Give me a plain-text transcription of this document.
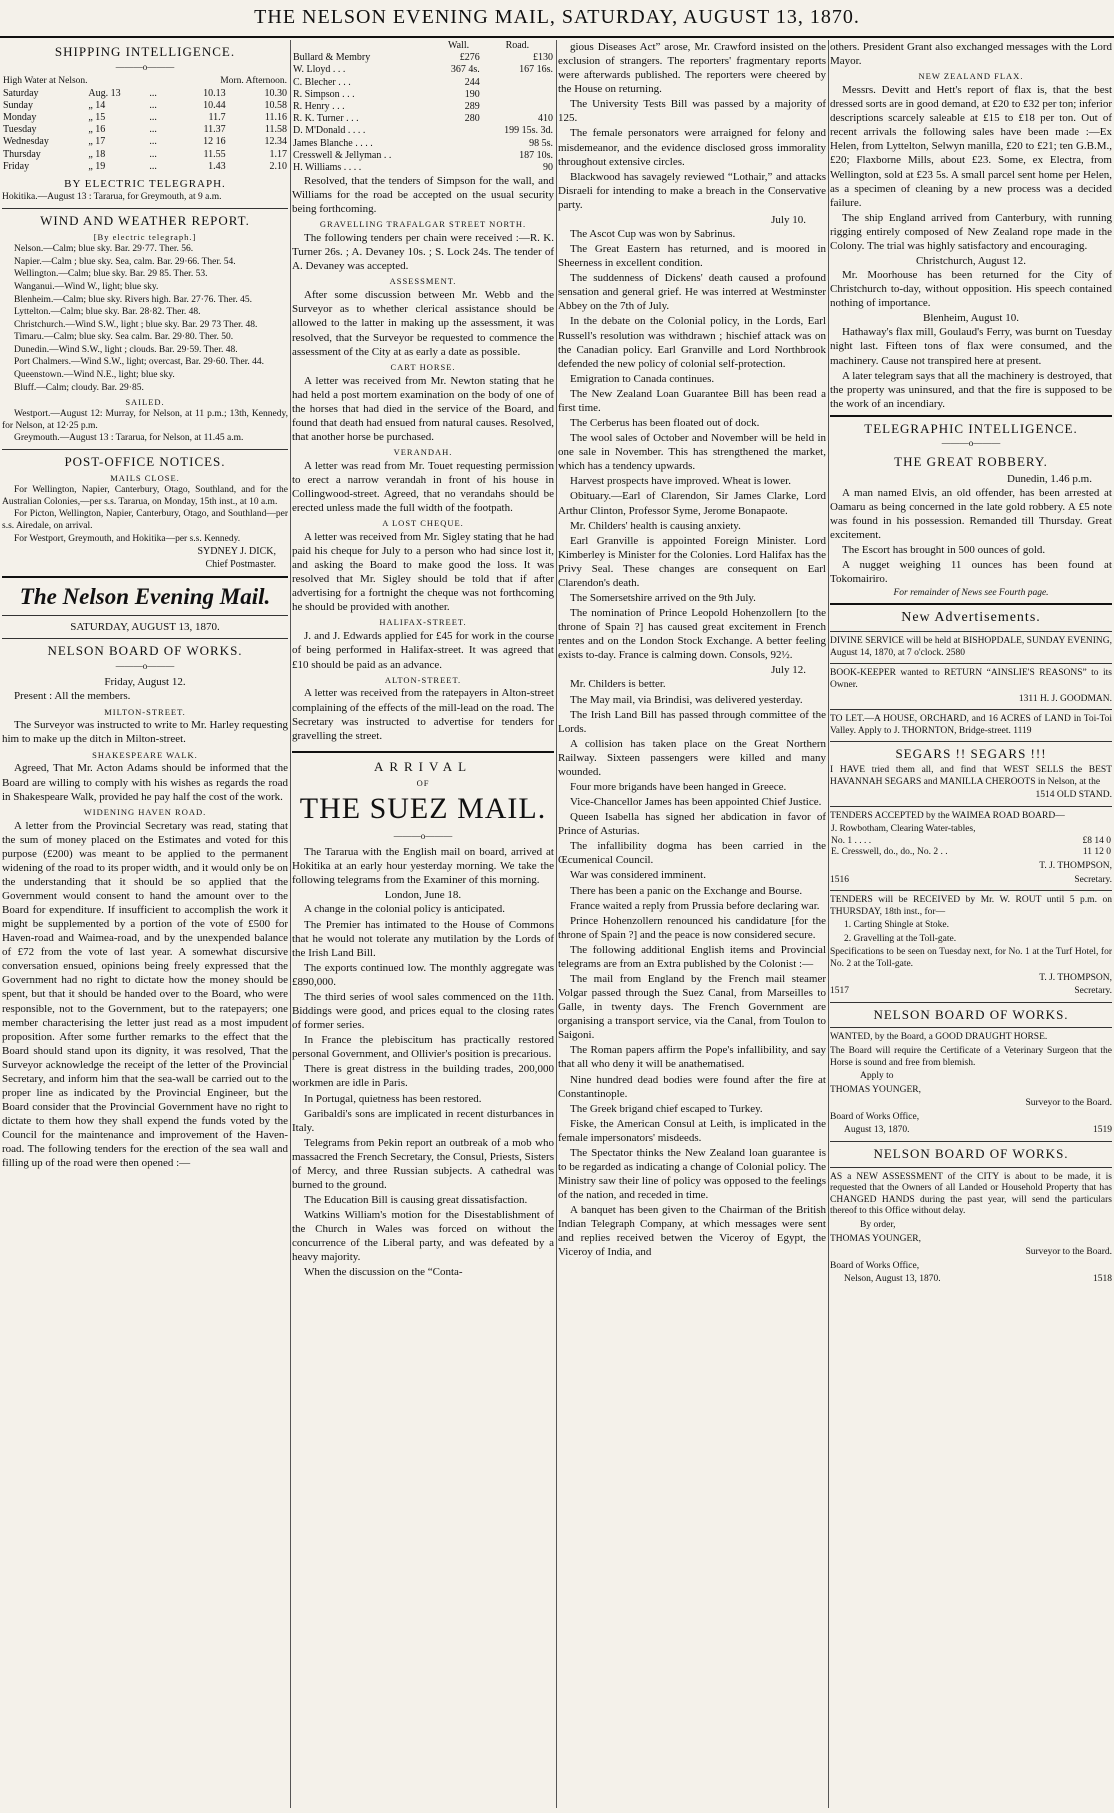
THE NELSON EVENING MAIL, SATURDAY, AUGUST 13, 1870.
SHIPPING INTELLIGENCE.
———o———
High Water at Nelson.			Morn. Afternoon.	
Saturday	Aug. 13	...	10.13	10.30
Sunday	„ 14	...	10.44	10.58
Monday	„ 15	...	11.7	11.16
Tuesday	„ 16	...	11.37	11.58
Wednesday	„ 17	...	12 16	12.34
Thursday	„ 18	...	11.55	1.17
Friday	„ 19	...	1.43	2.10
BY ELECTRIC TELEGRAPH.

Hokitika.—August 13 : Tararua, for Greymouth, at 9 a.m.

WIND AND WEATHER REPORT.
[By electric telegraph.]

Nelson.—Calm; blue sky. Bar. 29·77. Ther. 56.

Napier.—Calm ; blue sky. Sea, calm. Bar. 29·66. Ther. 54.

Wellington.—Calm; blue sky. Bar. 29 85. Ther. 53.

Wanganui.—Wind W., light; blue sky.

Blenheim.—Calm; blue sky. Rivers high. Bar. 27·76. Ther. 45.

Lyttelton.—Calm; blue sky. Bar. 28·82. Ther. 48.

Christchurch.—Wind S.W., light ; blue sky. Bar. 29 73 Ther. 48.

Timaru.—Calm; blue sky. Sea calm. Bar. 29·80. Ther. 50.

Dunedin.—Wind S.W., light ; clouds. Bar. 29·59. Ther. 48.

Port Chalmers.—Wind S.W., light; overcast, Bar. 29·60. Ther. 44.

Queenstown.—Wind N.E., light; blue sky.

Bluff.—Calm; cloudy. Bar. 29·85.

SAILED.

Westport.—August 12: Murray, for Nelson, at 11 p.m.; 13th, Kennedy, for Nelson, at 12·25 p.m.

Greymouth.—August 13 : Tararua, for Nelson, at 11.45 a.m.

POST-OFFICE NOTICES.
MAILS CLOSE.

For Wellington, Napier, Canterbury, Otago, Southland, and for the Australian Colonies,—per s.s. Tararua, on Monday, 15th inst., at 10 a.m.

For Picton, Wellington, Napier, Canterbury, Otago, and Southland—per s.s. Airedale, on arrival.

For Westport, Greymouth, and Hokitika—per s.s. Kennedy.

SYDNEY J. DICK,
Chief Postmaster.
The Nelson Evening Mail.
SATURDAY, AUGUST 13, 1870.
NELSON BOARD OF WORKS.
———o———
Friday, August 12.

Present : All the members.

MILTON-STREET.

The Surveyor was instructed to write to Mr. Harley requesting him to make up the ditch in Milton-street.

SHAKESPEARE WALK.

Agreed, That Mr. Acton Adams should be informed that the Board are willing to comply with his wishes as regards the road in Shakespeare Walk, provided he pay half the cost of the work.

WIDENING HAVEN ROAD.

A letter from the Provincial Secretary was read, stating that the sum of money placed on the Estimates and voted for this purpose (£200) was meant to be applied to the permanent widening of the road to its proper width, and it would only be on the understanding that it should be so applied that the Government would consent to hand the amount over to the Board for expenditure. If insufficient to accomplish the work it might be supplemented by a portion of the vote of £500 for Haven-road and Waimea-road, and by the unexpended balance of £72 from the vote of last year. A somewhat discursive conversation ensued, opinions being freely expressed that the Government had no right to dictate how the money should be spent, but that it should be handed over to the Board, who were responsible, not to the Government, but to the ratepayers; one member characterising the letter just read as a most impudent proposition. After some further remarks to the effect that the Board should stand upon its dignity, it was resolved, That the Surveyor acknowledge the receipt of the letter of the Provincial Secretary, and inform him that the sea-wall be carried out to the proper line as indicated by the Provincial Engineer, but the Board consider that the Provincial Government have no right to dictate to them how they shall expend the funds voted by the Council for the maintenance and improvement of the Haven-road. The following tenders for the erection of the sea wall and filling up of the road were then opened :—

	Wall.	Road.
Bullard & Membry	£276	£130
W. Lloyd . . .	367 4s.	167 16s.
C. Blecher . . .	244	
R. Simpson . . .	190	
R. Henry . . .	289	
R. K. Turner . . .	280	410
D. M'Donald . . . .		199 15s. 3d.
James Blanche . . . .		98 5s.
Cresswell & Jellyman . .		187 10s.
H. Williams . . . .		90

Resolved, that the tenders of Simpson for the wall, and Williams for the road be accepted on the usual security being forthcoming.

GRAVELLING TRAFALGAR STREET NORTH.

The following tenders per chain were received :—R. K. Turner 26s. ; A. Devaney 10s. ; S. Lock 24s. The tender of A. Devaney was accepted.

ASSESSMENT.

After some discussion between Mr. Webb and the Surveyor as to whether clerical assistance should be allowed to the latter in making up the assessment, it was resolved, that the Surveyor be requested to commence the assessment of the City at as early a date as possible.

CART HORSE.

A letter was received from Mr. Newton stating that he had held a post mortem examination on the body of one of the horses that had died in the service of the Board, and found that death had ensued from natural causes. Resolved, that another horse be purchased.

VERANDAH.

A letter was read from Mr. Touet requesting permission to erect a narrow verandah in front of his house in Collingwood-street. Agreed, that no verandahs should be erected unless made the full width of the footpath.

A LOST CHEQUE.

A letter was received from Mr. Sigley stating that he had paid his cheque for July to a person who had since lost it, and asking the Board to make good the loss. It was resolved that Mr. Sigley should be told that if after advertising for a fortnight the cheque was not forthcoming he should be provided with another.

HALIFAX-STREET.

J. and J. Edwards applied for £45 for work in the course of being performed in Halifax-street. It was agreed that £10 should be paid as an advance.

ALTON-STREET.

A letter was received from the ratepayers in Alton-street complaining of the effects of the mill-lead on the road. The Secretary was instructed to advertise for tenders for gravelling the street.

ARRIVAL
OF
THE SUEZ MAIL.
———o———

The Tararua with the English mail on board, arrived at Hokitika at an early hour yesterday morning. We take the following telegrams from the Examiner of this morning.

London, June 18.

A change in the colonial policy is anticipated.

The Premier has intimated to the House of Commons that he would not tolerate any mutilation by the Lords of the Irish Land Bill.

The exports continued low. The monthly aggregate was £890,000.

The third series of wool sales commenced on the 11th. Biddings were good, and prices equal to the closing rates of former series.

In France the plebiscitum has practically restored personal Government, and Ollivier's position is precarious.

There is great distress in the building trades, 200,000 workmen are idle in Paris.

In Portugal, quietness has been restored.

Garibaldi's sons are implicated in recent disturbances in Italy.

Telegrams from Pekin report an outbreak of a mob who massacred the French Secretary, the Consul, Priests, Sisters of Mercy, and three Russian subjects. A cathedral was burned to the ground.

The Education Bill is causing great dissatisfaction.

Watkins William's motion for the Disestablishment of the Church in Wales was forced on without the concurrence of the Liberal party, and was defeated by a heavy majority.

When the discussion on the “Conta-

gious Diseases Act” arose, Mr. Crawford insisted on the exclusion of strangers. The reporters' fragmentary reports were afterwards published. The reporters were cheered by the House on returning.

The University Tests Bill was passed by a majority of 125.

The female personators were arraigned for felony and misdemeanor, and the evidence disclosed gross immorality throughout extensive circles.

Blackwood has savagely reviewed “Lothair,” and attacks Disraeli for intending to make a breach in the Conservative party.

July 10.

The Ascot Cup was won by Sabrinus.

The Great Eastern has returned, and is moored in Sheerness in excellent condition.

The suddenness of Dickens' death caused a profound sensation and general grief. He was interred at Westminster Abbey on the 7th of July.

In the debate on the Colonial policy, in the Lords, Earl Russell's resolution was withdrawn ; hischief attack was on the Canadian policy. Earl Granville and Lord Northbrook defended the new policy of colonial self-protection.

Emigration to Canada continues.

The New Zealand Loan Guarantee Bill has been read a first time.

The Cerberus has been floated out of dock.

The wool sales of October and November will be held in one sale in November. This has strengthened the market, which has a tendency upwards.

Harvest prospects have improved. Wheat is lower.

Obituary.—Earl of Clarendon, Sir James Clarke, Lord Arthur Clinton, Professor Syme, Jerome Bonapaote.

Mr. Childers' health is causing anxiety.

Earl Granville is appointed Foreign Minister. Lord Kimberley is Minister for the Colonies. Lord Halifax has the Privy Seal. These changes are consequent on Earl Clarendon's death.

The Somersetshire arrived on the 9th July.

The nomination of Prince Leopold Hohenzollern [to the throne of Spain ?] has caused great excitement in French rentes and on the London Stock Exchange. A better feeling exists to-day. France is calming down. Consols, 92½.

July 12.

Mr. Childers is better.

The May mail, via Brindisi, was delivered yesterday.

The Irish Land Bill has passed through committee of the Lords.

A collision has taken place on the Great Northern Railway. Sixteen passengers were killed and many wounded.

Four more brigands have been hanged in Greece.

Vice-Chancellor James has been appointed Chief Justice.

Queen Isabella has signed her abdication in favor of Prince of Asturias.

The infallibility dogma has been carried in the Œcumenical Council.

War was considered imminent.

There has been a panic on the Exchange and Bourse.

France waited a reply from Prussia before declaring war.

Prince Hohenzollern renounced his candidature [for the throne of Spain ?] and the peace is now considered secure.

The following additional English items and Provincial telegrams are from an Extra published by the Colonist :—

The mail from England by the French mail steamer Volgar passed through the Suez Canal, from Marseilles to Galle, in twenty days. The French Government are organising a transport service, via the Canal, from Toulon to Saigoni.

The Roman papers affirm the Pope's infallibility, and say that all who deny it will be anathematised.

Nine hundred dead bodies were found after the fire at Constantinople.

The Greek brigand chief escaped to Turkey.

Fiske, the American Consul at Leith, is implicated in the female impersonators' misdeeds.

The Spectator thinks the New Zealand loan guarantee is to be regarded as indicating a change of Colonial policy. The Ministry saw their line of policy was opposed to the feelings of the nation, and receded in time.

A banquet has been given to the Chairman of the British Indian Telegraph Company, at which messages were sent and replies received betwen the Viceroy of Egypt, the Viceroy of India, and

others. President Grant also exchanged messages with the Lord Mayor.

NEW ZEALAND FLAX.

Messrs. Devitt and Hett's report of flax is, that the best dressed sorts are in good demand, at £20 to £32 per ton; inferior descriptions scarcely saleable at £15 to £18 per ton. Out of recent arrivals the following sales have been made :—Ex Helen, from Lyttelton, Selwyn manilla, £20 to £21; ten G.B.M., £20; Flaxborne Mills, about £23. Some, ex Electra, from Wellington, sold at £23 5s. A small parcel sent home per Helen, as a specimen of cleaning by a new process was a decided failure.

The ship England arrived from Canterbury, with running rigging entirely composed of New Zealand rope made in the Colony. The trial was highly satisfactory and encouraging.

Christchurch, August 12.

Mr. Moorhouse has been returned for the City of Christchurch to-day, without opposition. His speech contained nothing of importance.

Blenheim, August 10.

Hathaway's flax mill, Goulaud's Ferry, was burnt on Tuesday night last. Fifteen tons of flax were consumed, and the machinery. Cause not transpired here at present.

A later telegram says that all the machinery is destroyed, that the property was uninsured, and that the fire is supposed to be the work of an incendiary.

TELEGRAPHIC INTELLIGENCE.
———o———
THE GREAT ROBBERY.
Dunedin, 1.46 p.m.

A man named Elvis, an old offender, has been arrested at Oamaru as being concerned in the late gold robbery. A £5 note was found in his possession. Remanded till Thursday. Great excitement.

The Escort has brought in 500 ounces of gold.

A nugget weighing 11 ounces has been found at Tokomairiro.

For remainder of News see Fourth page.
New Advertisements.
DIVINE SERVICE will be held at BISHOPDALE, SUNDAY EVENING, August 14, 1870, at 7 o'clock. 2580
BOOK-KEEPER wanted to RETURN “AINSLIE'S REASONS” to its Owner.
1311 H. J. GOODMAN.
TO LET.—A HOUSE, ORCHARD, and 16 ACRES of LAND in Toi-Toi Valley. Apply to J. THORNTON, Bridge-street. 1119
SEGARS !! SEGARS !!!
I HAVE tried them all, and find that WEST SELLS the BEST HAVANNAH SEGARS and MANILLA CHEROOTS in Nelson, at the
1514 OLD STAND.
TENDERS ACCEPTED by the WAIMEA ROAD BOARD—
J. Rowbotham, Clearing Water-tables,	
No. 1 . . . .	£8 14 0
E. Cresswell, do., do., No. 2 . .	11 12 0
T. J. THOMPSON,
1516	Secretary.
TENDERS will be RECEIVED by Mr. W. ROUT until 5 p.m. on THURSDAY, 18th inst., for—
1. Carting Shingle at Stoke.
2. Gravelling at the Toll-gate.
Specifications to be seen on Tuesday next, for No. 1 at the Turf Hotel, for No. 2 at the Toll-gate.
T. J. THOMPSON,
1517	Secretary.
NELSON BOARD OF WORKS.
WANTED, by the Board, a GOOD DRAUGHT HORSE.
The Board will require the Certificate of a Veterinary Surgeon that the Horse is sound and free from blemish.
Apply to
THOMAS YOUNGER,
Surveyor to the Board.
Board of Works Office,
August 13, 1870.	1519
NELSON BOARD OF WORKS.
AS a NEW ASSESSMENT of the CITY is about to be made, it is requested that the Owners of all Landed or Household Property that has CHANGED HANDS during the past year, will send the particulars thereof to this Office without delay.
By order,
THOMAS YOUNGER,
Surveyor to the Board.
Board of Works Office,
Nelson, August 13, 1870.	1518
